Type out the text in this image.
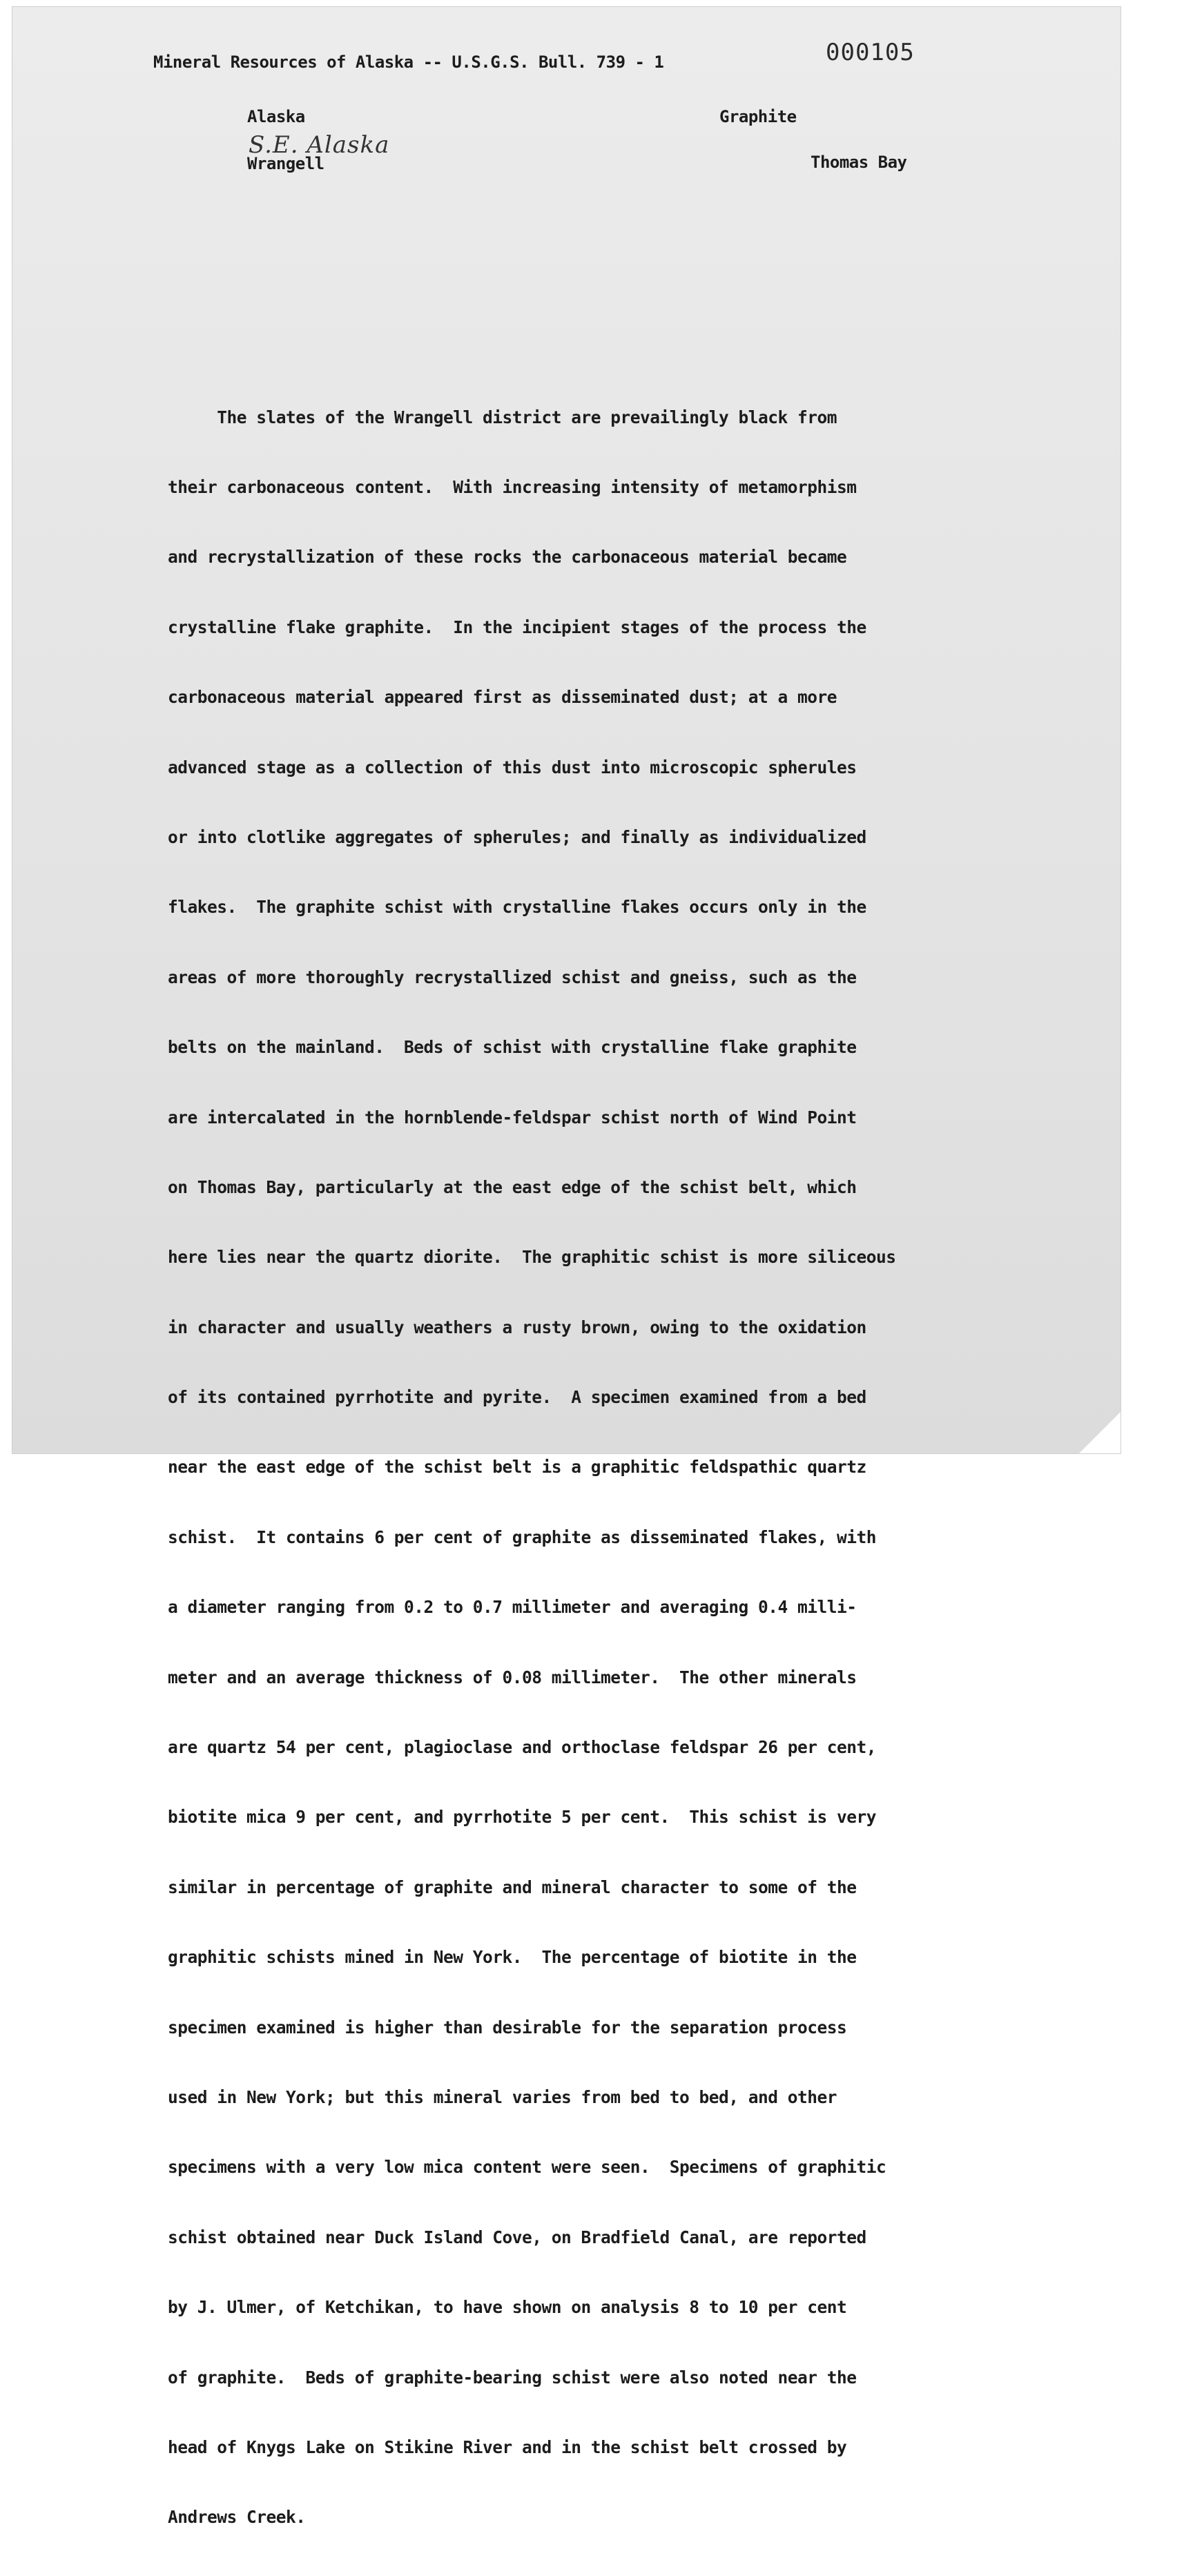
Mineral Resources of Alaska -- U.S.G.S. Bull. 739 - 1	000105
Alaska
S.E. Alaska
Wrangell
Graphite
Thomas Bay

The slates of the Wrangell district are prevailingly black from

their carbonaceous content.  With increasing intensity of metamorphism

and recrystallization of these rocks the carbonaceous material became

crystalline flake graphite.  In the incipient stages of the process the

carbonaceous material appeared first as disseminated dust; at a more

advanced stage as a collection of this dust into microscopic spherules

or into clotlike aggregates of spherules; and finally as individualized

flakes.  The graphite schist with crystalline flakes occurs only in the

areas of more thoroughly recrystallized schist and gneiss, such as the

belts on the mainland.  Beds of schist with crystalline flake graphite

are intercalated in the hornblende-feldspar schist north of Wind Point

on Thomas Bay, particularly at the east edge of the schist belt, which

here lies near the quartz diorite.  The graphitic schist is more siliceous

in character and usually weathers a rusty brown, owing to the oxidation

of its contained pyrrhotite and pyrite.  A specimen examined from a bed

near the east edge of the schist belt is a graphitic feldspathic quartz

schist.  It contains 6 per cent of graphite as disseminated flakes, with

a diameter ranging from 0.2 to 0.7 millimeter and averaging 0.4 milli-

meter and an average thickness of 0.08 millimeter.  The other minerals

are quartz 54 per cent, plagioclase and orthoclase feldspar 26 per cent,

biotite mica 9 per cent, and pyrrhotite 5 per cent.  This schist is very

similar in percentage of graphite and mineral character to some of the

graphitic schists mined in New York.  The percentage of biotite in the

specimen examined is higher than desirable for the separation process

used in New York; but this mineral varies from bed to bed, and other

specimens with a very low mica content were seen.  Specimens of graphitic

schist obtained near Duck Island Cove, on Bradfield Canal, are reported

by J. Ulmer, of Ketchikan, to have shown on analysis 8 to 10 per cent

of graphite.  Beds of graphite-bearing schist were also noted near the

head of Knygs Lake on Stikine River and in the schist belt crossed by

Andrews Creek.
